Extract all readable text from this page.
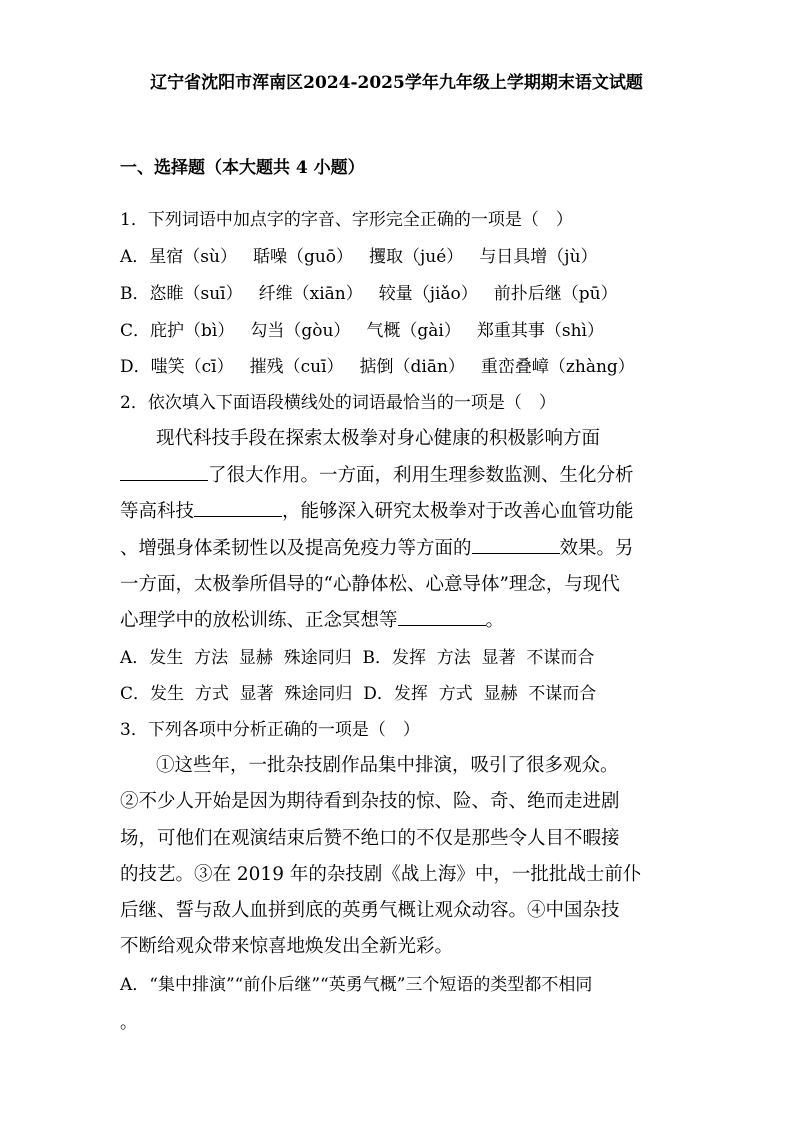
辽宁省沈阳市浑南区2024-2025学年九年级上学期期末语文试题
一、选择题（本大题共 4 小题）
1．下列词语中加点字的字音、字形完全正确的一项是（　）
A．星宿（sù） 聒噪（guō） 攫取（jué） 与日具增（jù）
B．恣睢（suī） 纤维（xiān） 较量（jiǎo） 前扑后继（pū）
C．庇护（bì） 勾当（gòu） 气概（gài） 郑重其事（shì）
D．嗤笑（cī） 摧残（cuī） 掂倒（diān） 重峦叠嶂（zhàng）
2．依次填入下面语段横线处的词语最恰当的一项是（　）
现代科技手段在探索太极拳对身心健康的积极影响方面
了很大作用。一方面，利用生理参数监测、生化分析
等高科技	，能够深入研究太极拳对于改善心血管功能
、增强身体柔韧性以及提高免疫力等方面的	效果。另
一方面，太极拳所倡导的“心静体松、心意导体”理念，与现代
心理学中的放松训练、正念冥想等	。
A．发生  方法  显赫  殊途同归  B．发挥  方法  显著  不谋而合
C．发生  方式  显著  殊途同归  D．发挥  方式  显赫  不谋而合
3．下列各项中分析正确的一项是（　）
①这些年，一批杂技剧作品集中排演，吸引了很多观众。
②不少人开始是因为期待看到杂技的惊、险、奇、绝而走进剧
场，可他们在观演结束后赞不绝口的不仅是那些令人目不暇接
的技艺。③在 2019 年的杂技剧《战上海》中，一批批战士前仆
后继、誓与敌人血拼到底的英勇气概让观众动容。④中国杂技
不断给观众带来惊喜地焕发出全新光彩。
A．“集中排演”“前仆后继”“英勇气概”三个短语的类型都不相同
。
